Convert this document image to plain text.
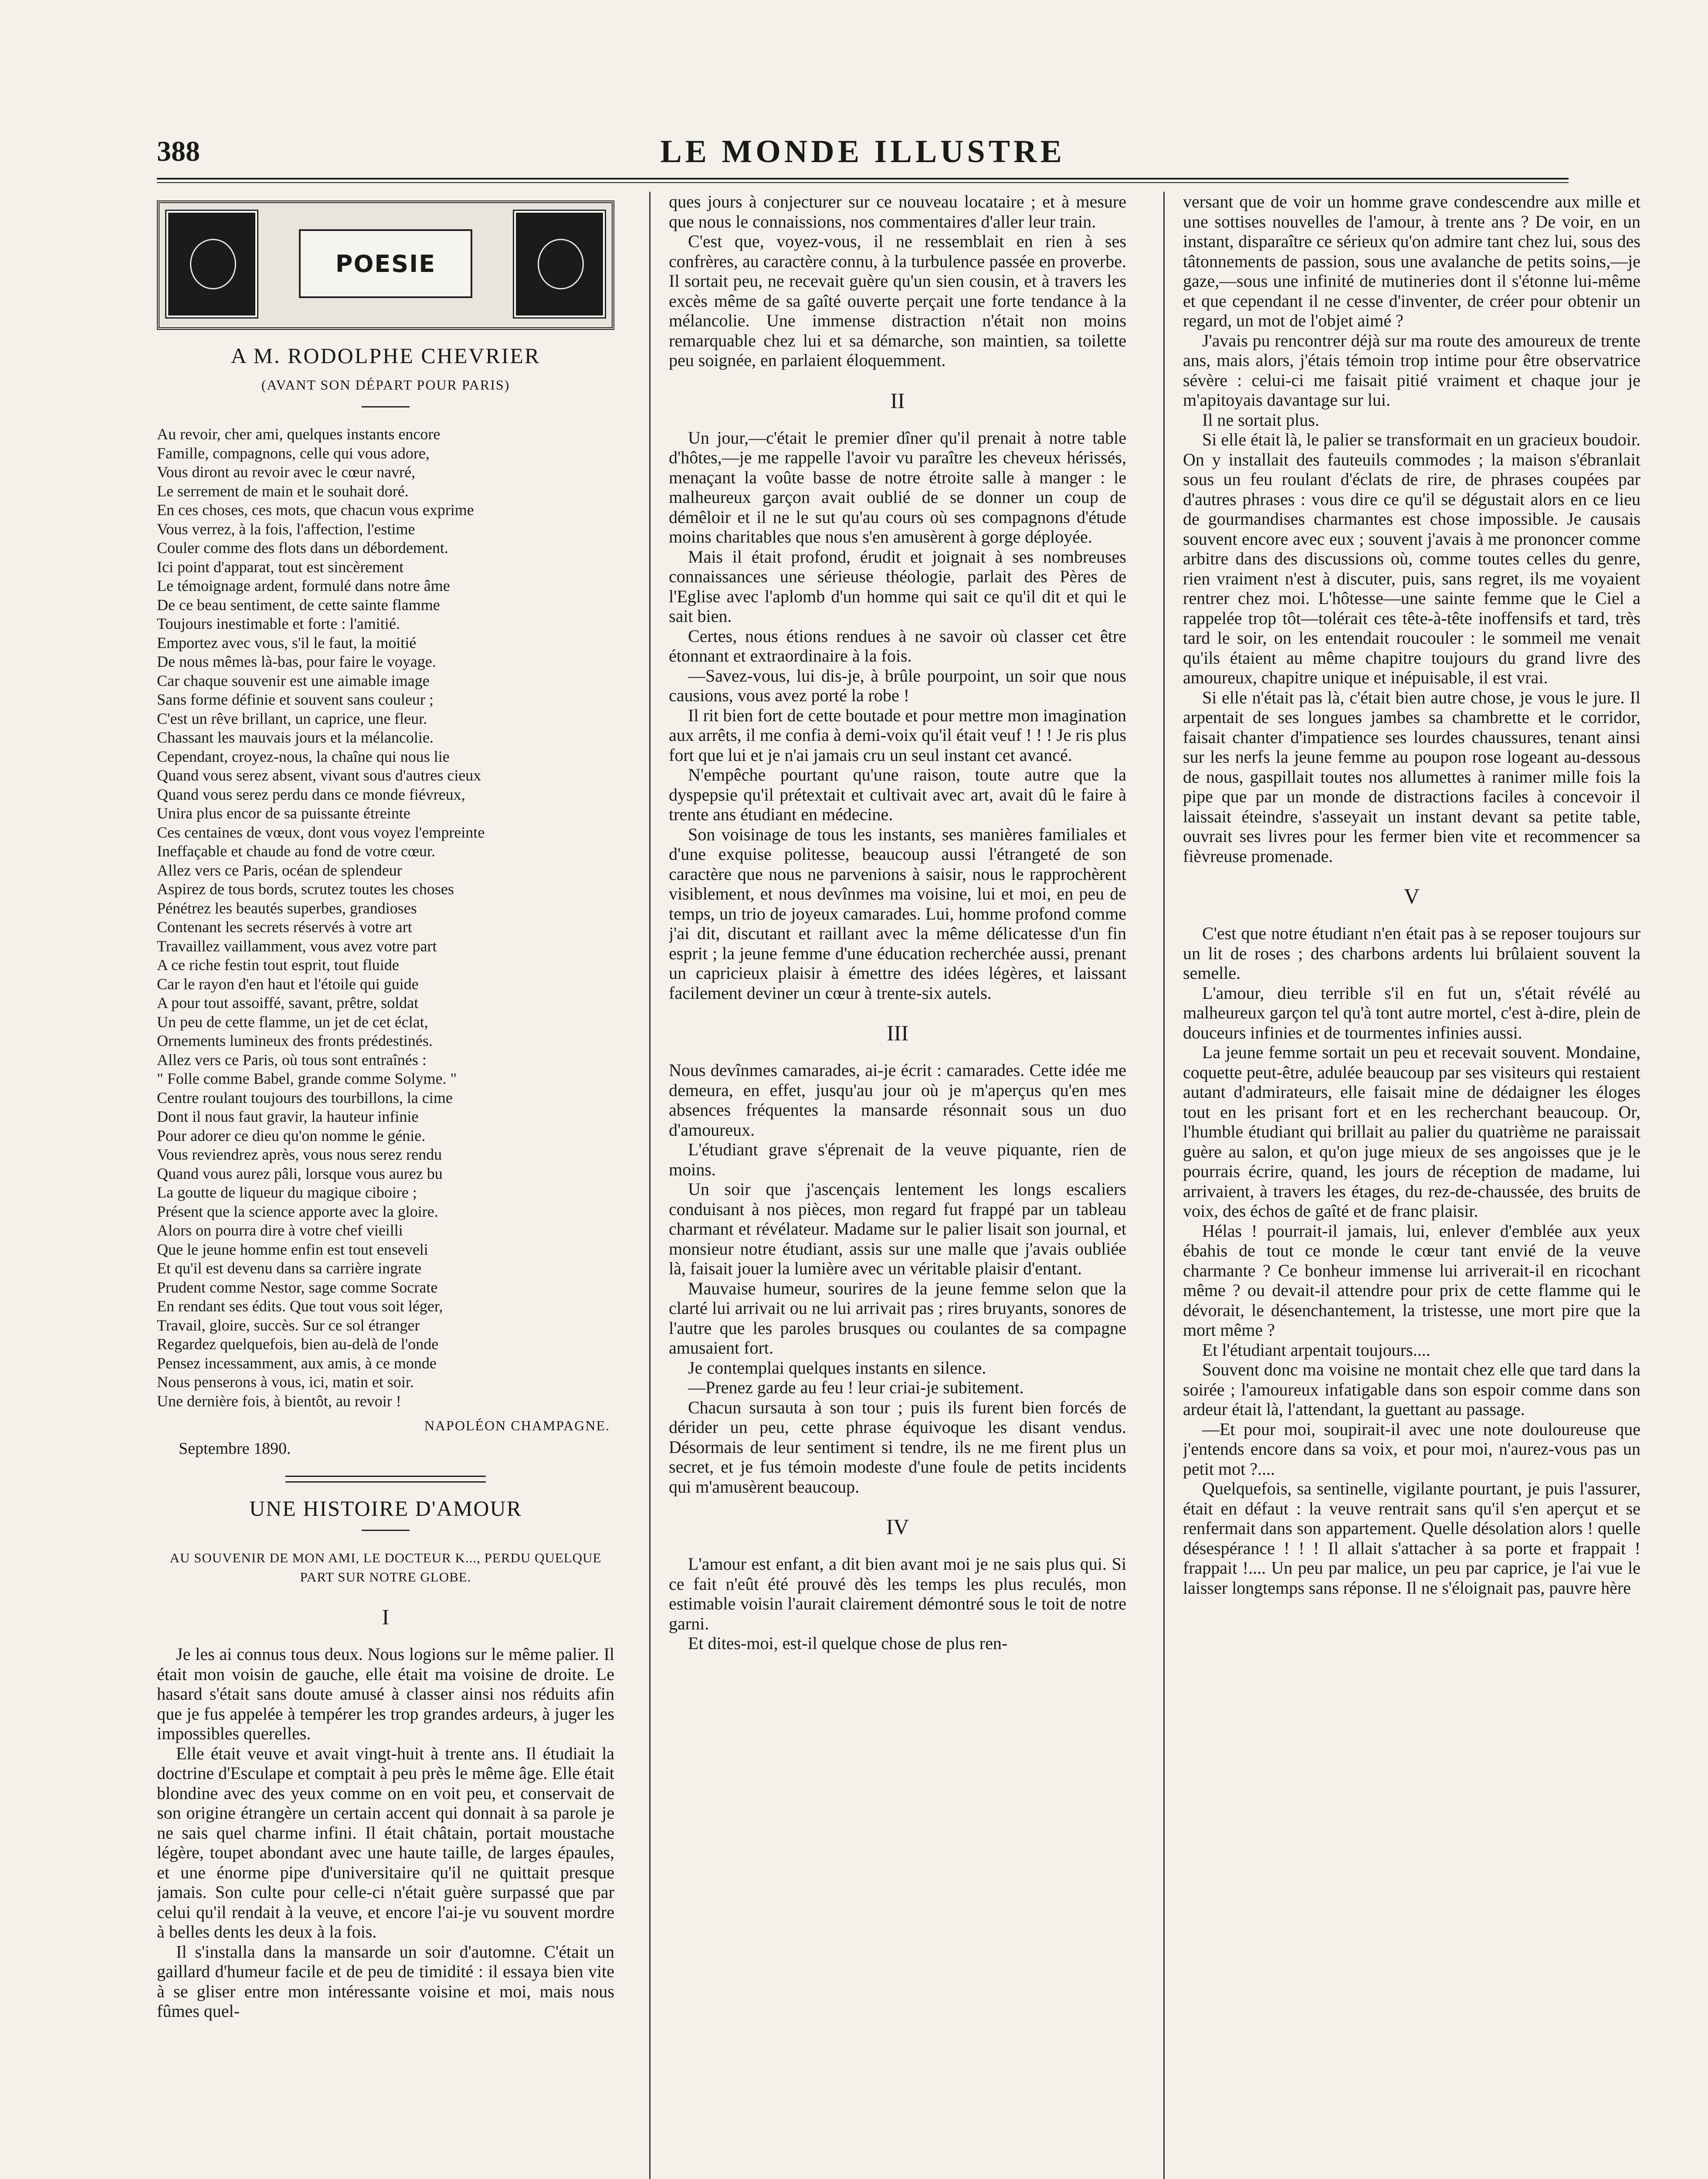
388	LE MONDE ILLUSTRE
POESIE
A M. RODOLPHE CHEVRIER
(AVANT SON DÉPART POUR PARIS)
Au revoir, cher ami, quelques instants encore
Famille, compagnons, celle qui vous adore,
Vous diront au revoir avec le cœur navré,
Le serrement de main et le souhait doré.
En ces choses, ces mots, que chacun vous exprime
Vous verrez, à la fois, l'affection, l'estime
Couler comme des flots dans un débordement.
Ici point d'apparat, tout est sincèrement
Le témoignage ardent, formulé dans notre âme
De ce beau sentiment, de cette sainte flamme
Toujours inestimable et forte : l'amitié.
Emportez avec vous, s'il le faut, la moitié
De nous mêmes là-bas, pour faire le voyage.
Car chaque souvenir est une aimable image
Sans forme définie et souvent sans couleur ;
C'est un rêve brillant, un caprice, une fleur.
Chassant les mauvais jours et la mélancolie.
Cependant, croyez-nous, la chaîne qui nous lie
Quand vous serez absent, vivant sous d'autres cieux
Quand vous serez perdu dans ce monde fiévreux,
Unira plus encor de sa puissante étreinte
Ces centaines de vœux, dont vous voyez l'empreinte
Ineffaçable et chaude au fond de votre cœur.
Allez vers ce Paris, océan de splendeur
Aspirez de tous bords, scrutez toutes les choses
Pénétrez les beautés superbes, grandioses
Contenant les secrets réservés à votre art
Travaillez vaillamment, vous avez votre part
A ce riche festin tout esprit, tout fluide
Car le rayon d'en haut et l'étoile qui guide
A pour tout assoiffé, savant, prêtre, soldat
Un peu de cette flamme, un jet de cet éclat,
Ornements lumineux des fronts prédestinés.
Allez vers ce Paris, où tous sont entraînés :
" Folle comme Babel, grande comme Solyme. "
Centre roulant toujours des tourbillons, la cime
Dont il nous faut gravir, la hauteur infinie
Pour adorer ce dieu qu'on nomme le génie.
Vous reviendrez après, vous nous serez rendu
Quand vous aurez pâli, lorsque vous aurez bu
La goutte de liqueur du magique ciboire ;
Présent que la science apporte avec la gloire.
Alors on pourra dire à votre chef vieilli
Que le jeune homme enfin est tout enseveli
Et qu'il est devenu dans sa carrière ingrate
Prudent comme Nestor, sage comme Socrate
En rendant ses édits. Que tout vous soit léger,
Travail, gloire, succès. Sur ce sol étranger
Regardez quelquefois, bien au-delà de l'onde
Pensez incessamment, aux amis, à ce monde
Nous penserons à vous, ici, matin et soir.
Une dernière fois, à bientôt, au revoir !
NAPOLÉON CHAMPAGNE.
Septembre 1890.
UNE HISTOIRE D'AMOUR
AU SOUVENIR DE MON AMI, LE DOCTEUR K..., PERDU QUELQUE PART SUR NOTRE GLOBE.
I

Je les ai connus tous deux. Nous logions sur le même palier. Il était mon voisin de gauche, elle était ma voisine de droite. Le hasard s'était sans doute amusé à classer ainsi nos réduits afin que je fus appelée à tempérer les trop grandes ardeurs, à juger les impossibles querelles.

Elle était veuve et avait vingt-huit à trente ans. Il étudiait la doctrine d'Esculape et comptait à peu près le même âge. Elle était blondine avec des yeux comme on en voit peu, et conservait de son origine étrangère un certain accent qui donnait à sa parole je ne sais quel charme infini. Il était châtain, portait moustache légère, toupet abondant avec une haute taille, de larges épaules, et une énorme pipe d'universitaire qu'il ne quittait presque jamais. Son culte pour celle-ci n'était guère surpassé que par celui qu'il rendait à la veuve, et encore l'ai-je vu souvent mordre à belles dents les deux à la fois.

Il s'installa dans la mansarde un soir d'automne. C'était un gaillard d'humeur facile et de peu de timidité : il essaya bien vite à se gliser entre mon intéressante voisine et moi, mais nous fûmes quel-

ques jours à conjecturer sur ce nouveau locataire ; et à mesure que nous le connaissions, nos commentaires d'aller leur train.

C'est que, voyez-vous, il ne ressemblait en rien à ses confrères, au caractère connu, à la turbulence passée en proverbe. Il sortait peu, ne recevait guère qu'un sien cousin, et à travers les excès même de sa gaîté ouverte perçait une forte tendance à la mélancolie. Une immense distraction n'était non moins remarquable chez lui et sa démarche, son maintien, sa toilette peu soignée, en parlaient éloquemment.

II

Un jour,—c'était le premier dîner qu'il prenait à notre table d'hôtes,—je me rappelle l'avoir vu paraître les cheveux hérissés, menaçant la voûte basse de notre étroite salle à manger : le malheureux garçon avait oublié de se donner un coup de démêloir et il ne le sut qu'au cours où ses compagnons d'étude moins charitables que nous s'en amusèrent à gorge déployée.

Mais il était profond, érudit et joignait à ses nombreuses connaissances une sérieuse théologie, parlait des Pères de l'Eglise avec l'aplomb d'un homme qui sait ce qu'il dit et qui le sait bien.

Certes, nous étions rendues à ne savoir où classer cet être étonnant et extraordinaire à la fois.

—Savez-vous, lui dis-je, à brûle pourpoint, un soir que nous causions, vous avez porté la robe !

Il rit bien fort de cette boutade et pour mettre mon imagination aux arrêts, il me confia à demi-voix qu'il était veuf ! ! ! Je ris plus fort que lui et je n'ai jamais cru un seul instant cet avancé.

N'empêche pourtant qu'une raison, toute autre que la dyspepsie qu'il prétextait et cultivait avec art, avait dû le faire à trente ans étudiant en médecine.

Son voisinage de tous les instants, ses manières familiales et d'une exquise politesse, beaucoup aussi l'étrangeté de son caractère que nous ne parvenions à saisir, nous le rapprochèrent visiblement, et nous devînmes ma voisine, lui et moi, en peu de temps, un trio de joyeux camarades. Lui, homme profond comme j'ai dit, discutant et raillant avec la même délicatesse d'un fin esprit ; la jeune femme d'une éducation recherchée aussi, prenant un capricieux plaisir à émettre des idées légères, et laissant facilement deviner un cœur à trente-six autels.

III

Nous devînmes camarades, ai-je écrit : camarades. Cette idée me demeura, en effet, jusqu'au jour où je m'aperçus qu'en mes absences fréquentes la mansarde résonnait sous un duo d'amoureux.

L'étudiant grave s'éprenait de la veuve piquante, rien de moins.

Un soir que j'ascençais lentement les longs escaliers conduisant à nos pièces, mon regard fut frappé par un tableau charmant et révélateur. Madame sur le palier lisait son journal, et monsieur notre étudiant, assis sur une malle que j'avais oubliée là, faisait jouer la lumière avec un véritable plaisir d'entant.

Mauvaise humeur, sourires de la jeune femme selon que la clarté lui arrivait ou ne lui arrivait pas ; rires bruyants, sonores de l'autre que les paroles brusques ou coulantes de sa compagne amusaient fort.

Je contemplai quelques instants en silence.

—Prenez garde au feu ! leur criai-je subitement.

Chacun sursauta à son tour ; puis ils furent bien forcés de dérider un peu, cette phrase équivoque les disant vendus. Désormais de leur sentiment si tendre, ils ne me firent plus un secret, et je fus témoin modeste d'une foule de petits incidents qui m'amusèrent beaucoup.

IV

L'amour est enfant, a dit bien avant moi je ne sais plus qui. Si ce fait n'eût été prouvé dès les temps les plus reculés, mon estimable voisin l'aurait clairement démontré sous le toit de notre garni.

Et dites-moi, est-il quelque chose de plus ren-

versant que de voir un homme grave condescendre aux mille et une sottises nouvelles de l'amour, à trente ans ? De voir, en un instant, disparaître ce sérieux qu'on admire tant chez lui, sous des tâtonnements de passion, sous une avalanche de petits soins,—je gaze,—sous une infinité de mutineries dont il s'étonne lui-même et que cependant il ne cesse d'inventer, de créer pour obtenir un regard, un mot de l'objet aimé ?

J'avais pu rencontrer déjà sur ma route des amoureux de trente ans, mais alors, j'étais témoin trop intime pour être observatrice sévère : celui-ci me faisait pitié vraiment et chaque jour je m'apitoyais davantage sur lui.

Il ne sortait plus.

Si elle était là, le palier se transformait en un gracieux boudoir. On y installait des fauteuils commodes ; la maison s'ébranlait sous un feu roulant d'éclats de rire, de phrases coupées par d'autres phrases : vous dire ce qu'il se dégustait alors en ce lieu de gourmandises charmantes est chose impossible. Je causais souvent encore avec eux ; souvent j'avais à me prononcer comme arbitre dans des discussions où, comme toutes celles du genre, rien vraiment n'est à discuter, puis, sans regret, ils me voyaient rentrer chez moi. L'hôtesse—une sainte femme que le Ciel a rappelée trop tôt—tolérait ces tête-à-tête inoffensifs et tard, très tard le soir, on les entendait roucouler : le sommeil me venait qu'ils étaient au même chapitre toujours du grand livre des amoureux, chapitre unique et inépuisable, il est vrai.

Si elle n'était pas là, c'était bien autre chose, je vous le jure. Il arpentait de ses longues jambes sa chambrette et le corridor, faisait chanter d'impatience ses lourdes chaussures, tenant ainsi sur les nerfs la jeune femme au poupon rose logeant au-dessous de nous, gaspillait toutes nos allumettes à ranimer mille fois la pipe que par un monde de distractions faciles à concevoir il laissait éteindre, s'asseyait un instant devant sa petite table, ouvrait ses livres pour les fermer bien vite et recommencer sa fièvreuse promenade.

V

C'est que notre étudiant n'en était pas à se reposer toujours sur un lit de roses ; des charbons ardents lui brûlaient souvent la semelle.

L'amour, dieu terrible s'il en fut un, s'était révélé au malheureux garçon tel qu'à tont autre mortel, c'est à-dire, plein de douceurs infinies et de tourmentes infinies aussi.

La jeune femme sortait un peu et recevait souvent. Mondaine, coquette peut-être, adulée beaucoup par ses visiteurs qui restaient autant d'admirateurs, elle faisait mine de dédaigner les éloges tout en les prisant fort et en les recherchant beaucoup. Or, l'humble étudiant qui brillait au palier du quatrième ne paraissait guère au salon, et qu'on juge mieux de ses angoisses que je le pourrais écrire, quand, les jours de réception de madame, lui arrivaient, à travers les étages, du rez-de-chaussée, des bruits de voix, des échos de gaîté et de franc plaisir.

Hélas ! pourrait-il jamais, lui, enlever d'emblée aux yeux ébahis de tout ce monde le cœur tant envié de la veuve charmante ? Ce bonheur immense lui arriverait-il en ricochant même ? ou devait-il attendre pour prix de cette flamme qui le dévorait, le désenchantement, la tristesse, une mort pire que la mort même ?

Et l'étudiant arpentait toujours....

Souvent donc ma voisine ne montait chez elle que tard dans la soirée ; l'amoureux infatigable dans son espoir comme dans son ardeur était là, l'attendant, la guettant au passage.

—Et pour moi, soupirait-il avec une note douloureuse que j'entends encore dans sa voix, et pour moi, n'aurez-vous pas un petit mot ?....

Quelquefois, sa sentinelle, vigilante pourtant, je puis l'assurer, était en défaut : la veuve rentrait sans qu'il s'en aperçut et se renfermait dans son appartement. Quelle désolation alors ! quelle désespérance ! ! ! Il allait s'attacher à sa porte et frappait ! frappait !.... Un peu par malice, un peu par caprice, je l'ai vue le laisser longtemps sans réponse. Il ne s'éloignait pas, pauvre hère
